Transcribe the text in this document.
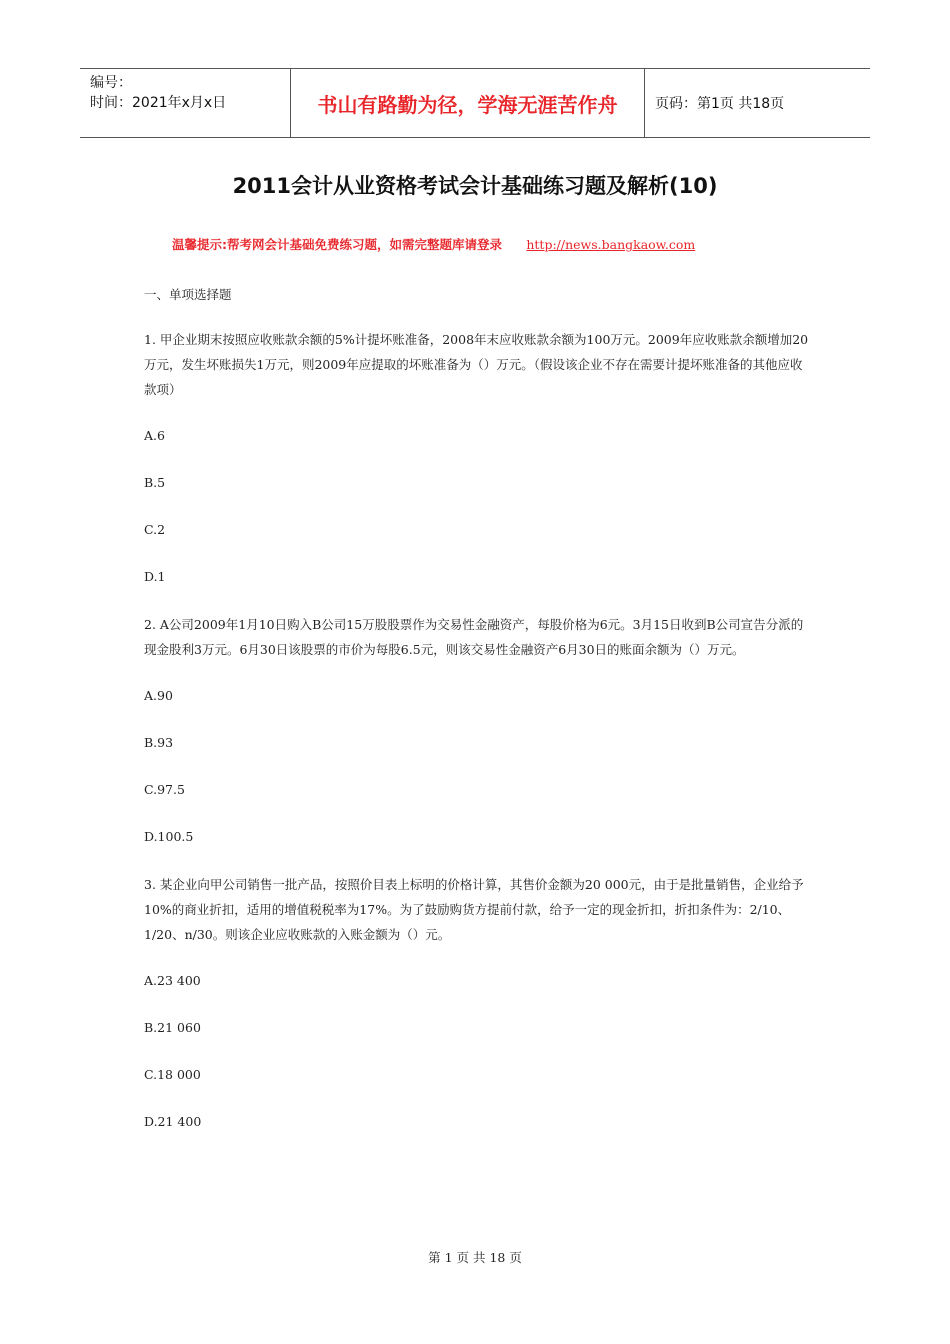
编号：
时间：2021年x月x日	书山有路勤为径，学海无涯苦作舟	页码：第1页 共18页
2011会计从业资格考试会计基础练习题及解析(10)
温馨提示:帮考网会计基础免费练习题，如需完整题库请登录 http://news.bangkaow.com
一、单项选择题
1. 甲企业期末按照应收账款余额的5%计提坏账准备，2008年末应收账款余额为100万元。2009年应收账款余额增加20万元，发生坏账损失1万元，则2009年应提取的坏账准备为（）万元。（假设该企业不存在需要计提坏账准备的其他应收款项）
A.6
B.5
C.2
D.1
2. A公司2009年1月10日购入B公司15万股股票作为交易性金融资产，每股价格为6元。3月15日收到B公司宣告分派的现金股利3万元。6月30日该股票的市价为每股6.5元，则该交易性金融资产6月30日的账面余额为（）万元。
A.90
B.93
C.97.5
D.100.5
3. 某企业向甲公司销售一批产品，按照价目表上标明的价格计算，其售价金额为20 000元，由于是批量销售，企业给予10%的商业折扣，适用的增值税税率为17%。为了鼓励购货方提前付款，给予一定的现金折扣，折扣条件为：2/10、1/20、n/30。则该企业应收账款的入账金额为（）元。
A.23 400
B.21 060
C.18 000
D.21 400
第 1 页 共 18 页
